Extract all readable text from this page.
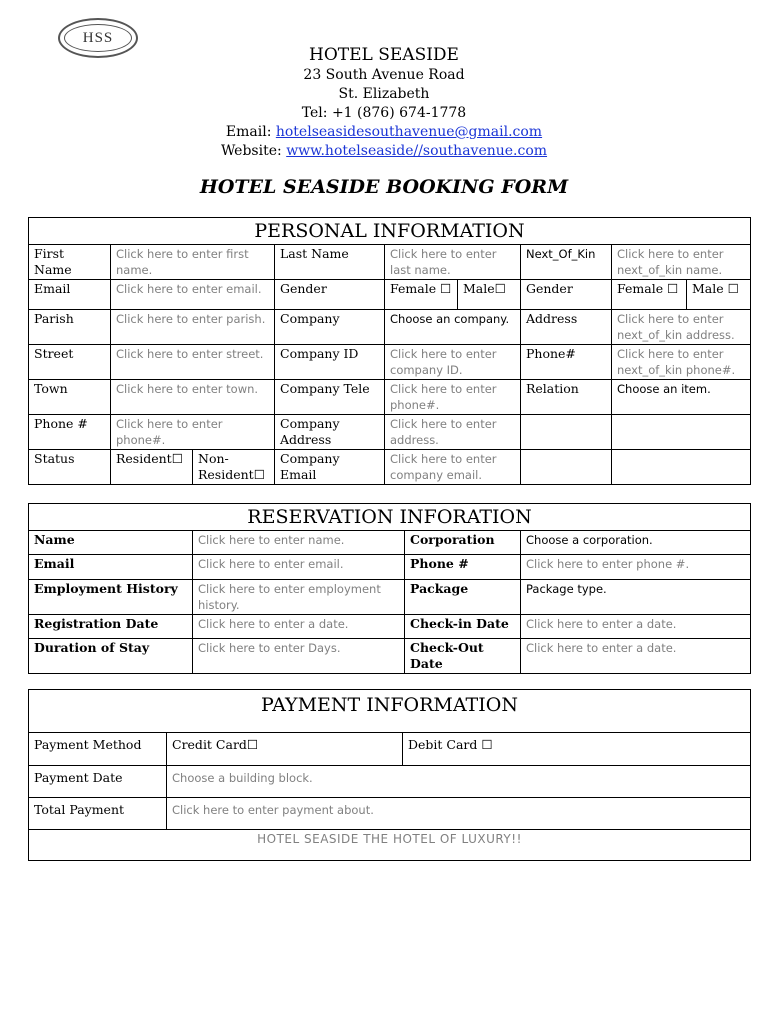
HSS
HOTEL SEASIDE
23 South Avenue Road
St. Elizabeth
Tel: +1 (876) 674-1778
Email: hotelseasidesouthavenue@gmail.com
Website: www.hotelseaside//southavenue.com
HOTEL SEASIDE BOOKING FORM
PERSONAL INFORMATION								
First Name	Click here to enter first name.		Last Name	Click here to enter last name.		Next_Of_Kin	Click here to enter next_of_kin name.	
Email	Click here to enter email.		Gender	Female ☐	Male☐	Gender	Female ☐	Male ☐
Parish	Click here to enter parish.		Company	Choose an company.		Address	Click here to enter next_of_kin address.	
Street	Click here to enter street.		Company ID	Click here to enter company ID.		Phone#	Click here to enter next_of_kin phone#.	
Town	Click here to enter town.		Company Tele	Click here to enter phone#.		Relation	Choose an item.	
Phone #	Click here to enter phone#.		Company Address	Click here to enter address.				
Status	Resident☐	Non-Resident☐	Company Email	Click here to enter company email.				
RESERVATION INFORATION			
Name	Click here to enter name.	Corporation	Choose a corporation.
Email	Click here to enter email.	Phone #	Click here to enter phone #.
Employment History	Click here to enter employment history.	Package	Package type.
Registration Date	Click here to enter a date.	Check-in Date	Click here to enter a date.
Duration of Stay	Click here to enter Days.	Check-Out Date	Click here to enter a date.
PAYMENT INFORMATION		
Payment Method	Credit Card☐	Debit Card ☐
Payment Date	Choose a building block.	
Total Payment	Click here to enter payment about.	
HOTEL SEASIDE THE HOTEL OF LUXURY!!		
